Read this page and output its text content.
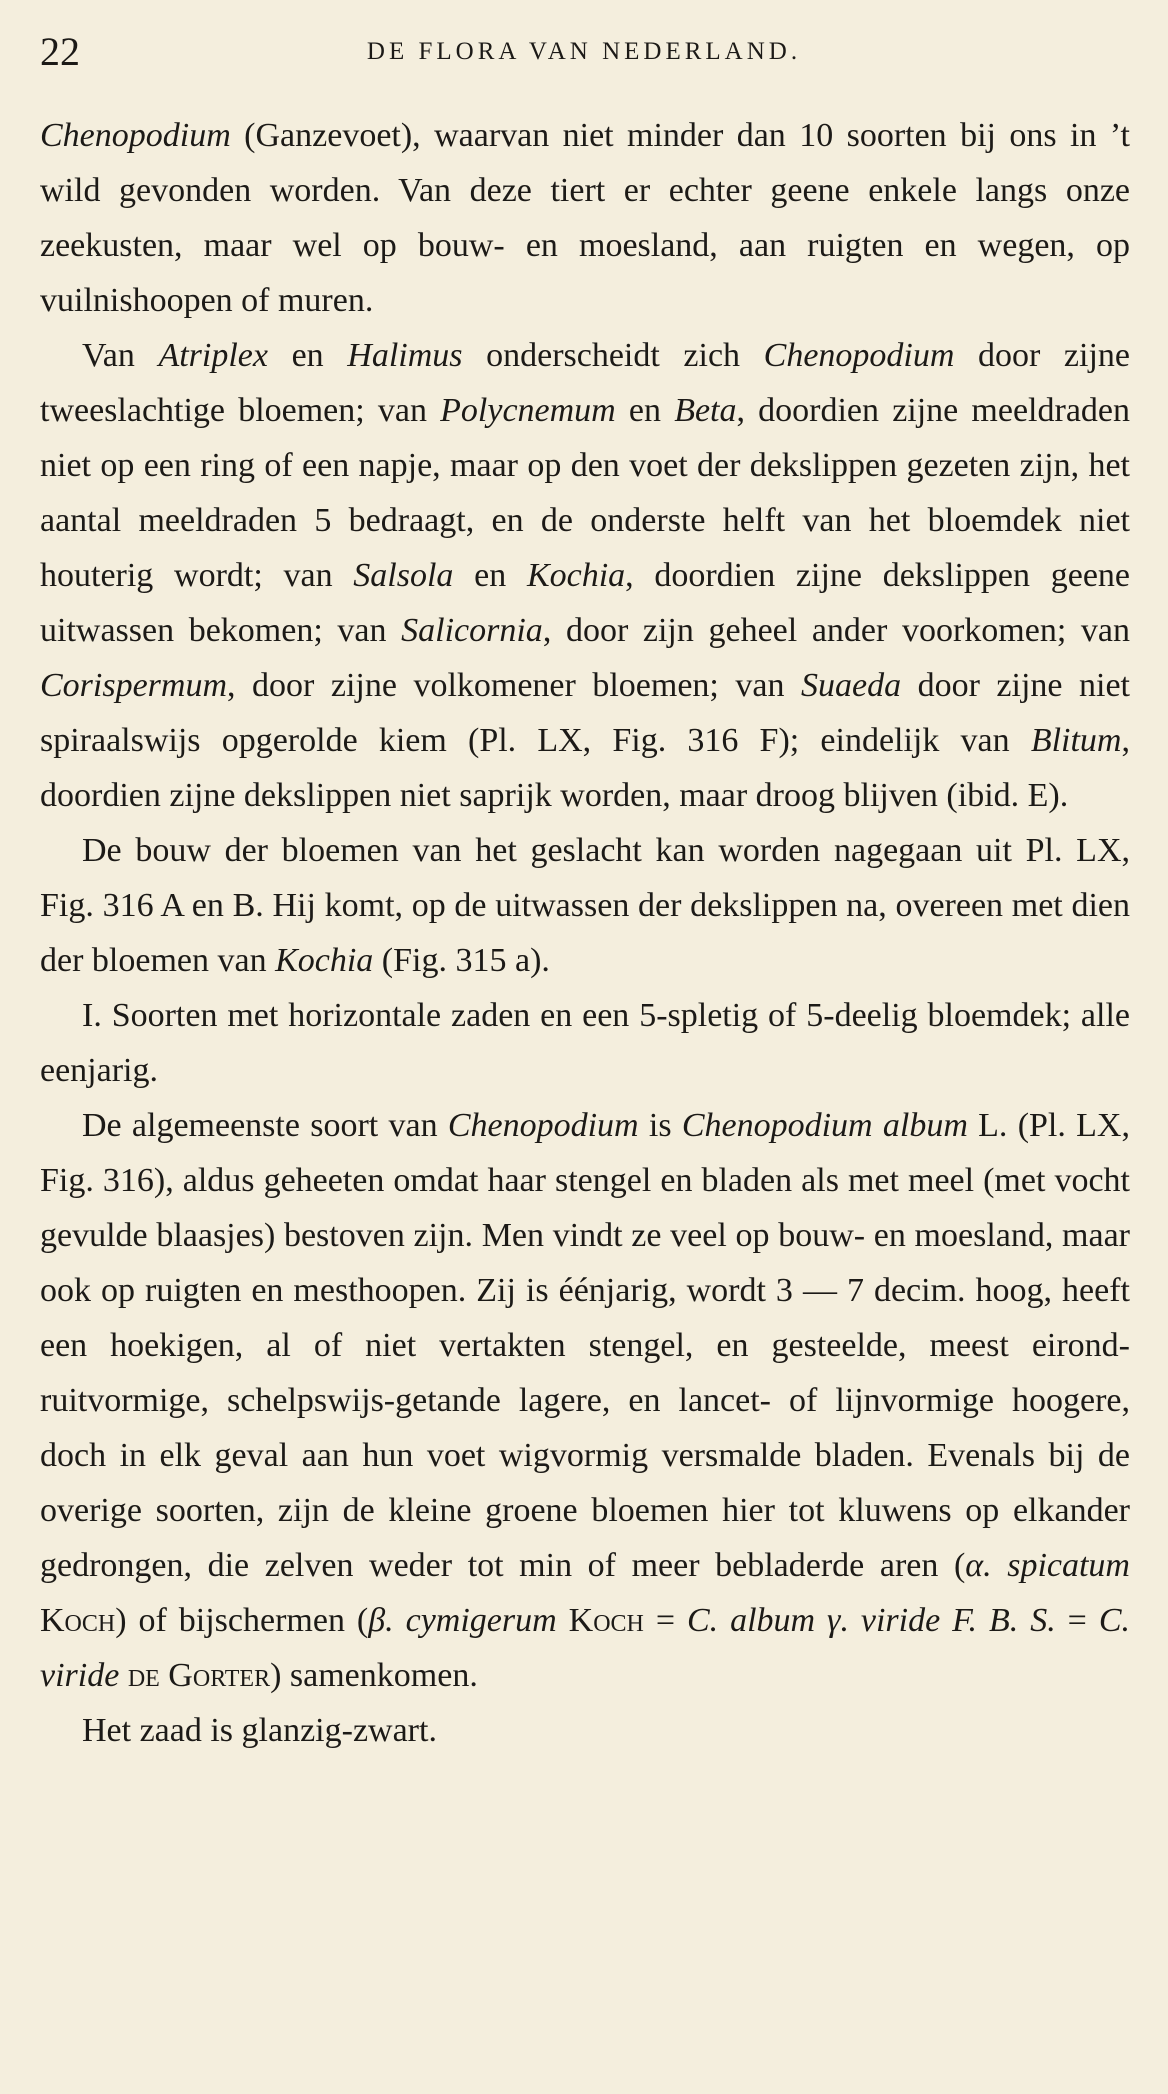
22	DE FLORA VAN NEDERLAND.

Chenopodium (Ganzevoet), waarvan niet minder dan 10 soorten bij ons in ’t wild gevonden worden. Van deze tiert er echter geene enkele langs onze zeekusten, maar wel op bouw- en moesland, aan ruigten en wegen, op vuilnishoopen of muren.

Van Atriplex en Halimus onderscheidt zich Chenopodium door zijne tweeslachtige bloemen; van Polycnemum en Beta, doordien zijne meeldraden niet op een ring of een napje, maar op den voet der dekslippen gezeten zijn, het aantal meeldraden 5 bedraagt, en de onderste helft van het bloemdek niet houterig wordt; van Salsola en Kochia, doordien zijne dekslippen geene uitwassen bekomen; van Salicornia, door zijn geheel ander voorkomen; van Corispermum, door zijne volkomener bloemen; van Suaeda door zijne niet spiraalswijs opgerolde kiem (Pl. LX, Fig. 316 F); eindelijk van Blitum, doordien zijne dekslippen niet saprijk worden, maar droog blijven (ibid. E).

De bouw der bloemen van het geslacht kan worden nagegaan uit Pl. LX, Fig. 316 A en B. Hij komt, op de uitwassen der dekslippen na, overeen met dien der bloemen van Kochia (Fig. 315 a).

I. Soorten met horizontale zaden en een 5-spletig of 5-deelig bloemdek; alle eenjarig.

De algemeenste soort van Chenopodium is Chenopodium album L. (Pl. LX, Fig. 316), aldus geheeten omdat haar stengel en bladen als met meel (met vocht gevulde blaasjes) bestoven zijn. Men vindt ze veel op bouw- en moesland, maar ook op ruigten en mesthoopen. Zij is éénjarig, wordt 3 — 7 decim. hoog, heeft een hoekigen, al of niet vertakten stengel, en gesteelde, meest eirond-ruitvormige, schelpswijs-getande lagere, en lancet- of lijnvormige hoogere, doch in elk geval aan hun voet wigvormig versmalde bladen. Evenals bij de overige soorten, zijn de kleine groene bloemen hier tot kluwens op elkander gedrongen, die zelven weder tot min of meer bebladerde aren (α. spicatum Koch) of bijschermen (β. cymigerum Koch = C. album γ. viride F. B. S. = C. viride de Gorter) samenkomen.

Het zaad is glanzig-zwart.
